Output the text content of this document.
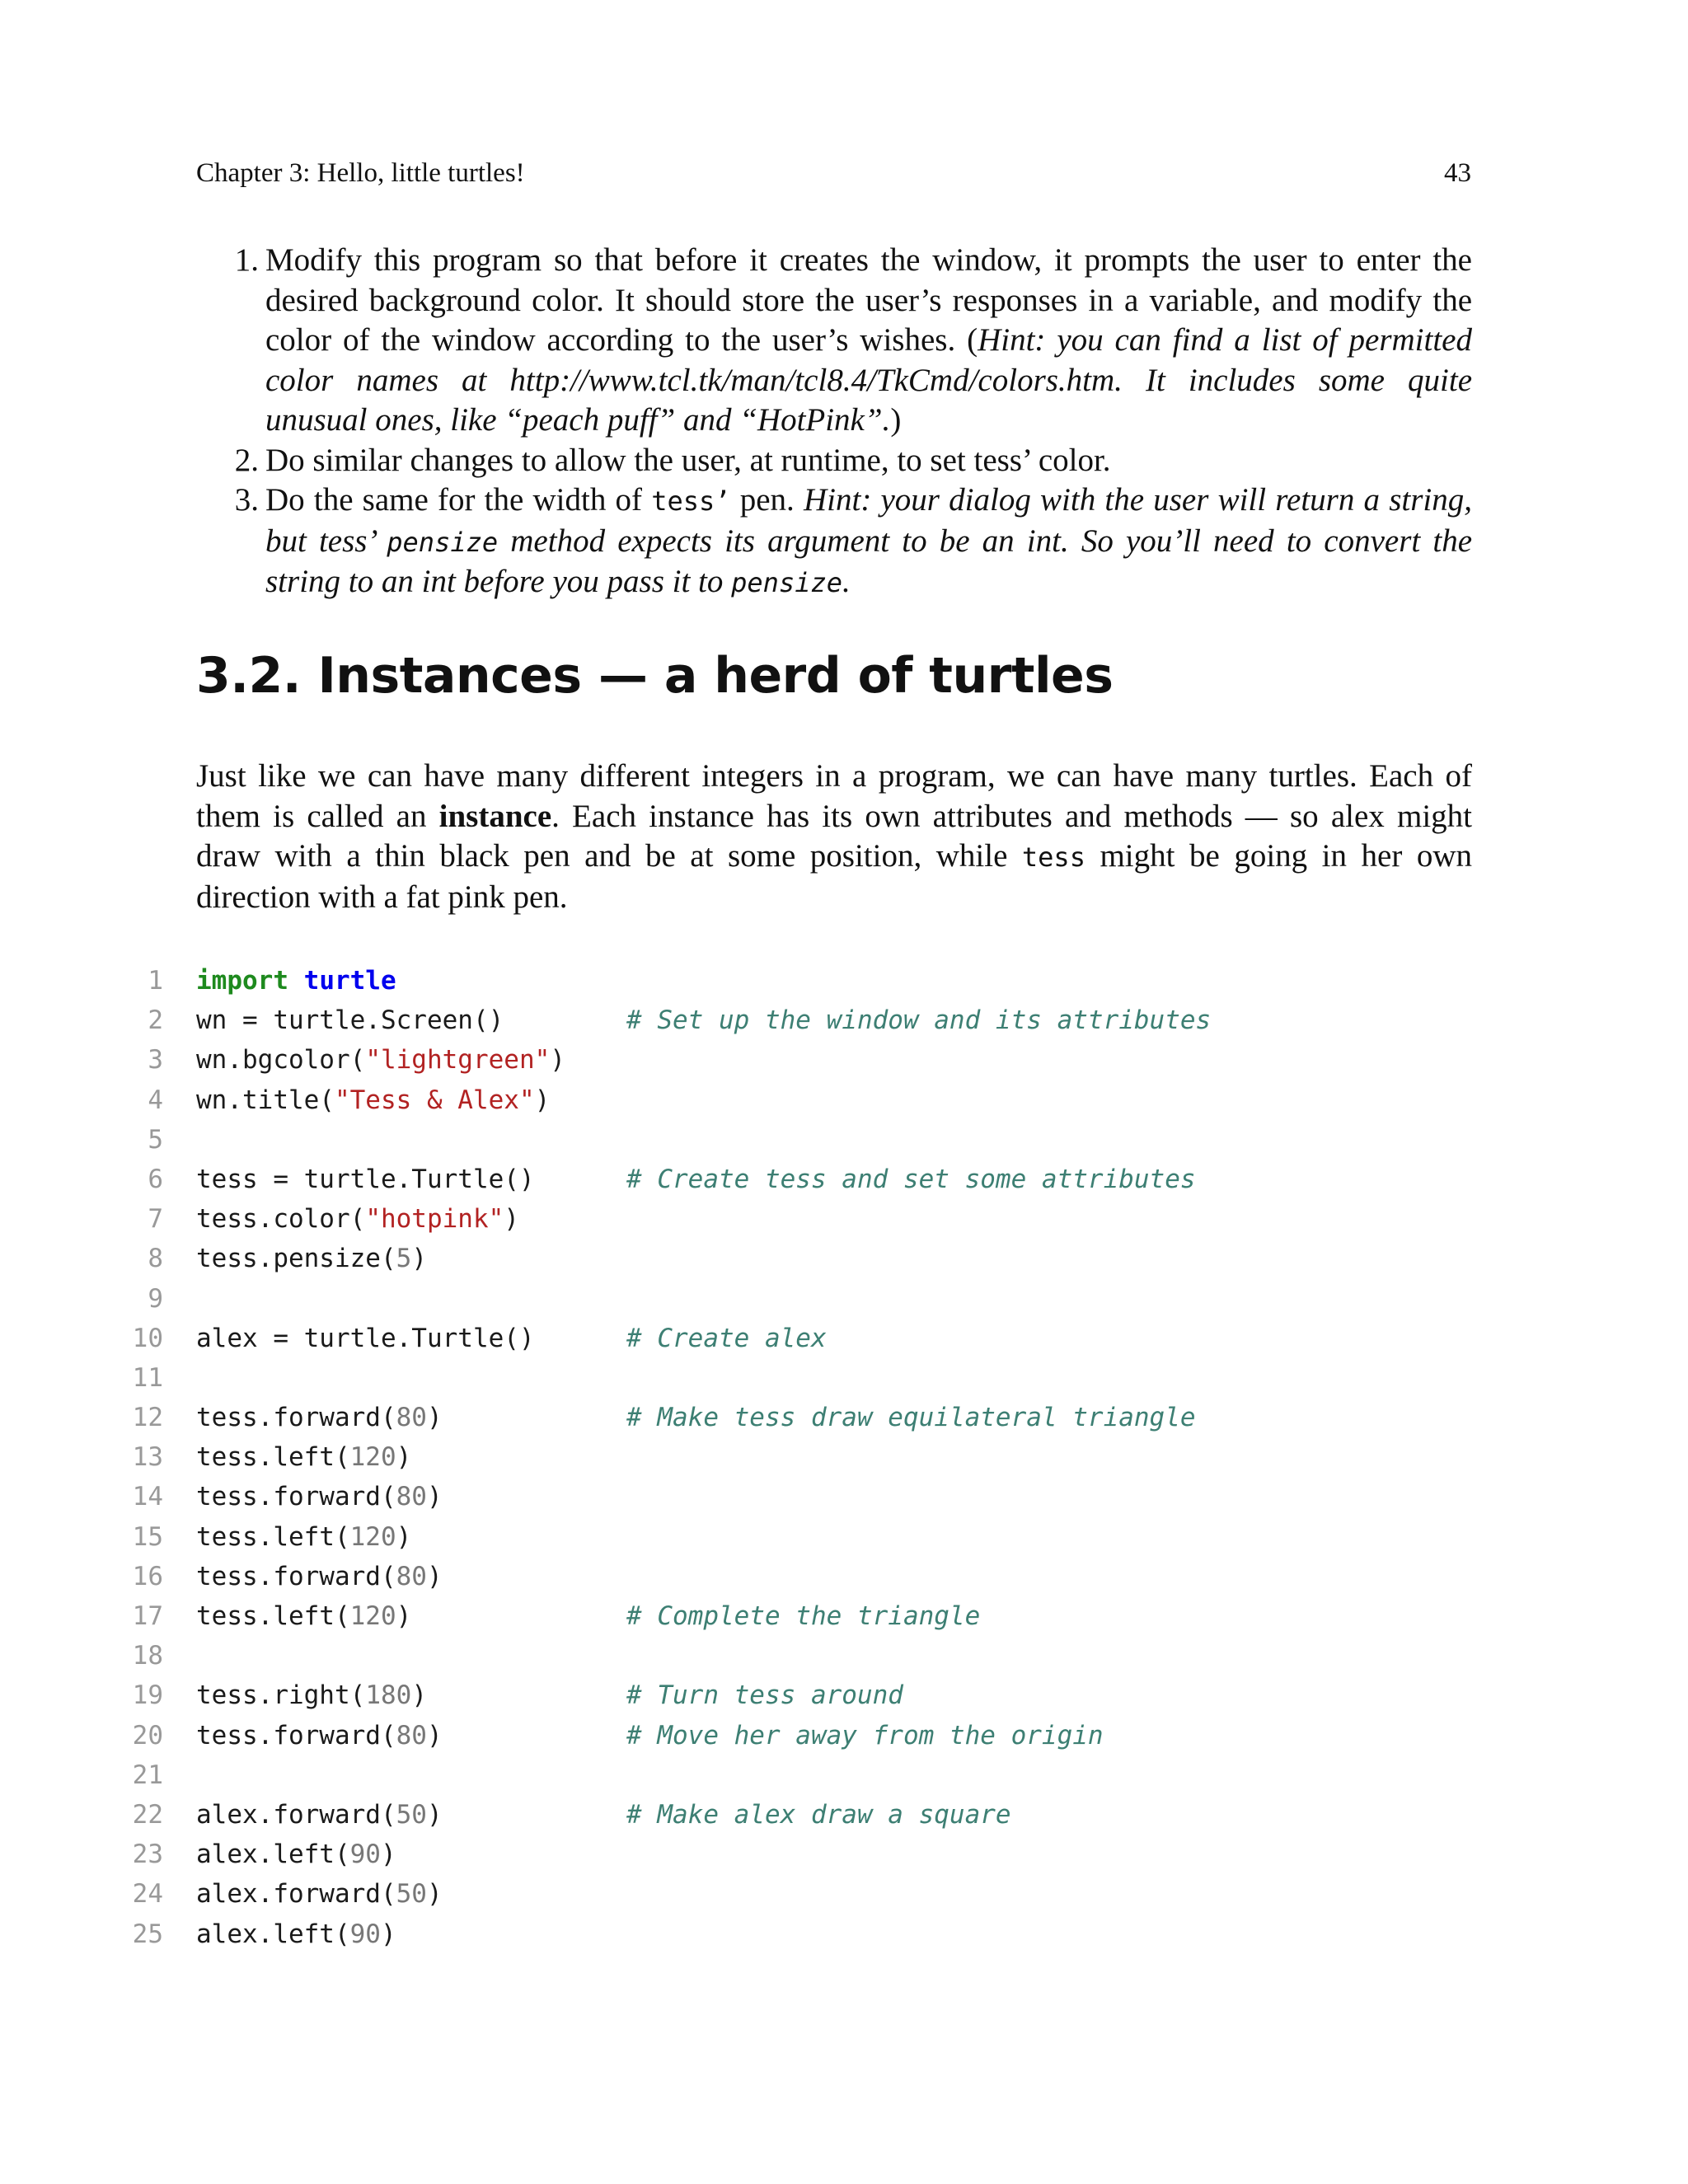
Chapter 3: Hello, little turtles!	43
1. Modify this program so that before it creates the window, it prompts the user to enter the desired background color. It should store the user’s responses in a variable, and modify the color of the window according to the user’s wishes. (Hint: you can find a list of permitted color names at http://www.tcl.tk/man/tcl8.4/TkCmd/colors.htm. It includes some quite unusual ones, like “peach puff” and “HotPink”.)
2. Do similar changes to allow the user, at runtime, to set tess’ color.
3. Do the same for the width of tess’ pen. Hint: your dialog with the user will return a string, but tess’ pensize method expects its argument to be an int. So you’ll need to convert the string to an int before you pass it to pensize.
3.2. Instances — a herd of turtles

Just like we can have many different integers in a program, we can have many turtles. Each of them is called an instance. Each instance has its own attributes and methods — so alex might draw with a thin black pen and be at some position, while tess might be going in her own direction with a fat pink pen.

1 import turtle
2 wn = turtle.Screen()	# Set up the window and its attributes
3 wn.bgcolor("lightgreen")
4 wn.title("Tess & Alex")
5
6 tess = turtle.Turtle()	# Create tess and set some attributes
7 tess.color("hotpink")
8 tess.pensize(5)
9
10 alex = turtle.Turtle()	# Create alex
11
12 tess.forward(80)	# Make tess draw equilateral triangle
13 tess.left(120)
14 tess.forward(80)
15 tess.left(120)
16 tess.forward(80)
17 tess.left(120)	# Complete the triangle
18
19 tess.right(180)	# Turn tess around
20 tess.forward(80)	# Move her away from the origin
21
22 alex.forward(50)	# Make alex draw a square
23 alex.left(90)
24 alex.forward(50)
25 alex.left(90)
